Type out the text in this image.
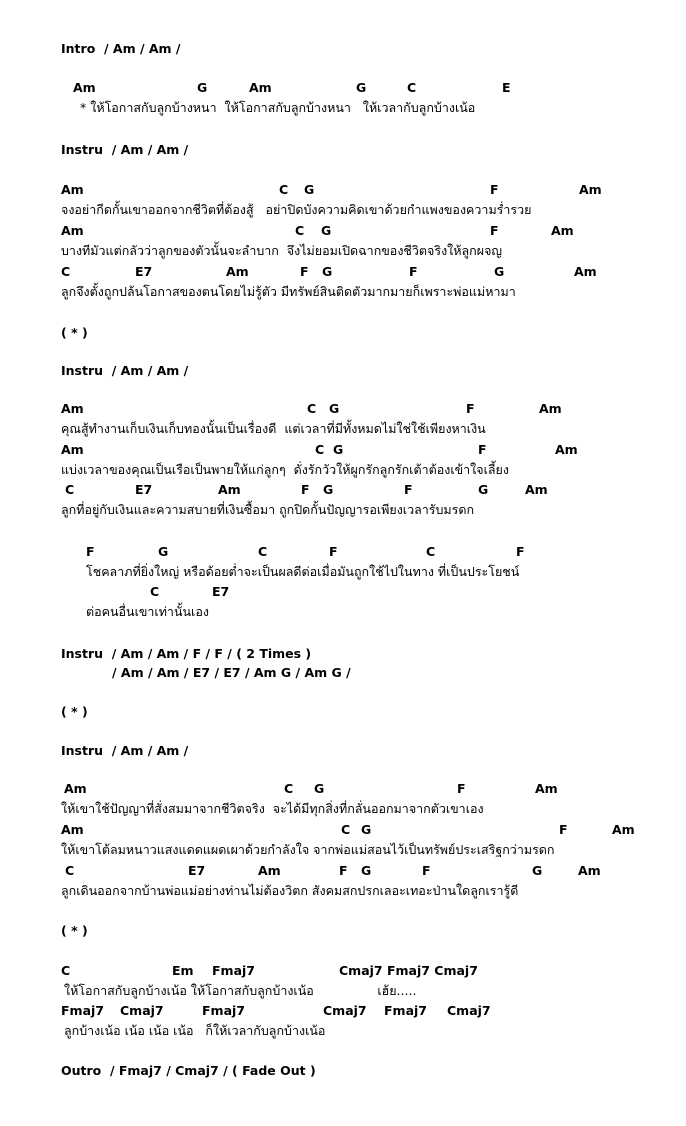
Intro  / Am / Am /
Am	G	Am	G	C	E
* ให้โอกาสกับลูกบ้างหนา  ให้โอกาสกับลูกบ้างหนา   ให้เวลากับลูกบ้างเน้อ
Instru  / Am / Am /
Am	C G	F	Am
จงอย่ากีดกั้นเขาออกจากชีวิตที่ต้องสู้   อย่าปิดบังความคิดเขาด้วยกำแพงของความร่ำรวย
Am	C G	F	Am
บางทีมัวแต่กลัวว่าลูกของตัวนั้นจะลำบาก  จึงไม่ยอมเปิดฉากของชีวิตจริงให้ลูกผจญ
C	E7	Am	F G	F	G	Am
ลูกจึงตั้งถูกปล้นโอกาสของตนโดยไม่รู้ตัว มีทรัพย์สินติดตัวมากมายก็เพราะพ่อแม่หามา
( * )
Instru  / Am / Am /
Am	C G	F	Am
คุณสู้ทำงานเก็บเงินเก็บทองนั้นเป็นเรื่องดี  แต่เวลาที่มีทั้งหมดไม่ใช่ใช้เพียงหาเงิน
Am	C G	F	Am
แบ่งเวลาของคุณเป็นเรือเป็นพายให้แก่ลูกๆ  ดั่งรักวัวให้ผูกรักลูกรักเต้าต้องเข้าใจเลี้ยง
C	E7	Am	F G	F	G	Am
ลูกที่อยู่กับเงินและความสบายที่เงินซื้อมา ถูกปิดกั้นปัญญารอเพียงเวลารับมรดก
F	G	C	F	C	F
โชคลาภที่ยิ่งใหญ่ หรือด้อยต่ำจะเป็นผลดีต่อเมื่อมันถูกใช้ไปในทาง ที่เป็นประโยชน์
C	E7
ต่อคนอื่นเขาเท่านั้นเอง
Instru  / Am / Am / F / F / ( 2 Times )
/ Am / Am / E7 / E7 / Am G / Am G /
( * )
Instru  / Am / Am /
Am	C G	F	Am
ให้เขาใช้ปัญญาที่สั่งสมมาจากชีวิตจริง  จะได้มีทุกสิ่งที่กลั่นออกมาจากตัวเขาเอง
Am	C G	F	Am
ให้เขาโต้ลมหนาวแสงแดดแผดเผาด้วยกำลังใจ จากพ่อแม่สอนไว้เป็นทรัพย์ประเสริฐกว่ามรดก
C	E7	Am	F G	F	G	Am
ลูกเดินออกจากบ้านพ่อแม่อย่างท่านไม่ต้องวิตก สังคมสกปรกเลอะเทอะป่านใดลูกเรารู้ดี
( * )
C	Em Fmaj7	Cmaj7 Fmaj7 Cmaj7
ให้โอกาสกับลูกบ้างเน้อ ให้โอกาสกับลูกบ้างเน้อ                เฮ้ย.....
Fmaj7 Cmaj7	Fmaj7	Cmaj7 Fmaj7 Cmaj7
ลูกบ้างเน้อ เน้อ เน้อ เน้อ   ก็ให้เวลากับลูกบ้างเน้อ
Outro  / Fmaj7 / Cmaj7 / ( Fade Out )
